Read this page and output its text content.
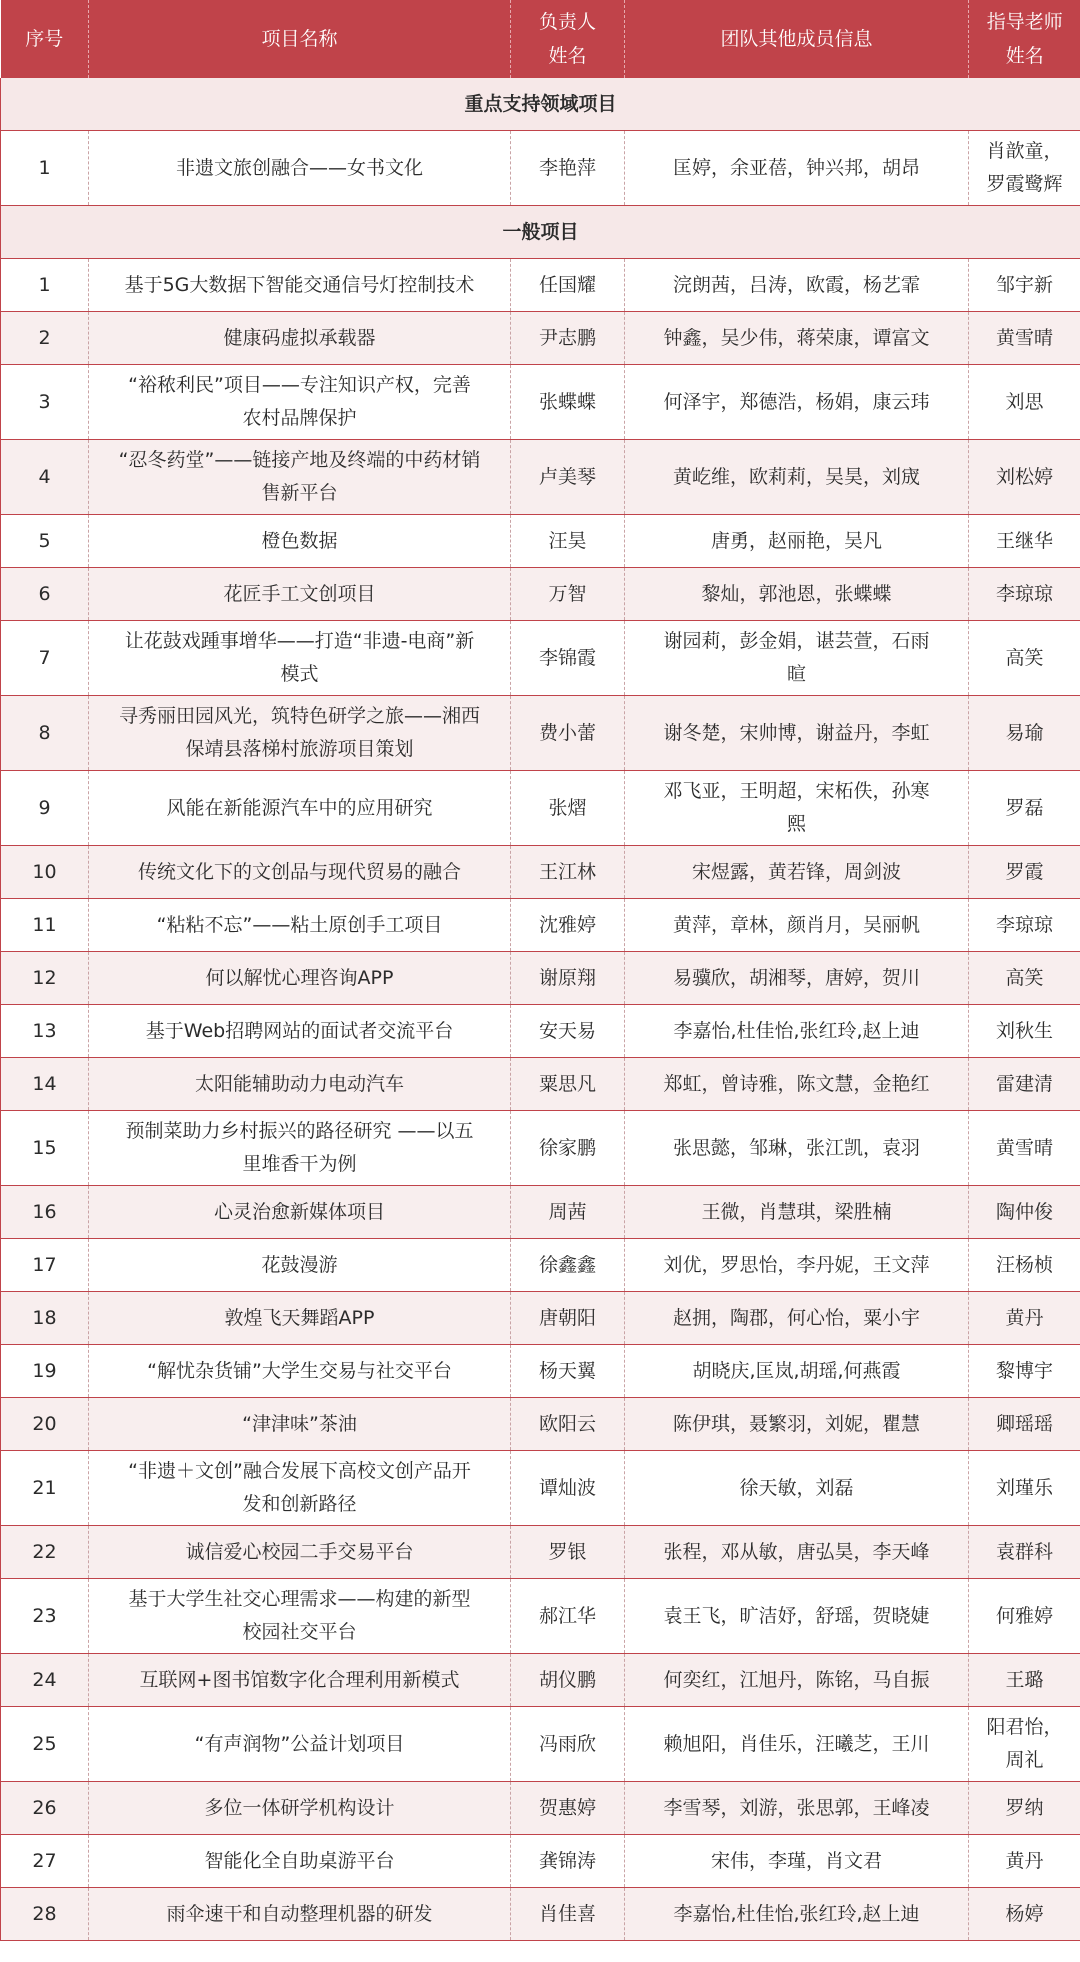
序号	项目名称	负责人
姓名	团队其他成员信息	指导老师
姓名
重点支持领域项目				
1	非遗文旅创融合——女书文化	李艳萍	匡婷，余亚蓓，钟兴邦，胡昂	肖歆童，
罗霞鹭辉
一般项目				
1	基于5G大数据下智能交通信号灯控制技术	任国耀	浣朗茜，吕涛，欧霞，杨艺霏	邹宇新
2	健康码虚拟承载器	尹志鹏	钟鑫，吴少伟，蒋荣康，谭富文	黄雪晴
3	“裕秾利民”项目——专注知识产权，完善
农村品牌保护	张蝶蝶	何泽宇，郑德浩，杨娟，康云玮	刘思
4	“忍冬药堂”——链接产地及终端的中药材销
售新平台	卢美琴	黄屹维，欧莉莉，吴昊，刘宬	刘松婷
5	橙色数据	汪昊	唐勇，赵丽艳，吴凡	王继华
6	花匠手工文创项目	万智	黎灿，郭池恩，张蝶蝶	李琼琼
7	让花鼓戏踵事增华——打造“非遗-电商”新
模式	李锦霞	谢园莉，彭金娟，谌芸萱，石雨
暄	高笑
8	寻秀丽田园风光，筑特色研学之旅——湘西
保靖县落梯村旅游项目策划	费小蕾	谢冬楚，宋帅博，谢益丹，李虹	易瑜
9	风能在新能源汽车中的应用研究	张熠	邓飞亚，王明超，宋柘佚，孙寒
熙	罗磊
10	传统文化下的文创品与现代贸易的融合	王江林	宋煜露，黄若锋，周剑波	罗霞
11	“粘粘不忘”——粘土原创手工项目	沈雅婷	黄萍，章林，颜肖月，吴丽帆	李琼琼
12	何以解忧心理咨询APP	谢原翔	易骥欣，胡湘琴，唐婷，贺川	高笑
13	基于Web招聘网站的面试者交流平台	安天易	李嘉怡,杜佳怡,张红玲,赵上迪	刘秋生
14	太阳能辅助动力电动汽车	粟思凡	郑虹，曾诗雅，陈文慧，金艳红	雷建清
15	预制菜助力乡村振兴的路径研究 ——以五
里堆香干为例	徐家鹏	张思懿，邹琳，张江凯，袁羽	黄雪晴
16	心灵治愈新媒体项目	周茜	王微，肖慧琪，梁胜楠	陶仲俊
17	花鼓漫游	徐鑫鑫	刘优，罗思怡，李丹妮，王文萍	汪杨桢
18	敦煌飞天舞蹈APP	唐朝阳	赵拥，陶郡，何心怡，粟小宇	黄丹
19	“解忧杂货铺”大学生交易与社交平台	杨天翼	胡晓庆,匡岚,胡瑶,何燕霞	黎博宇
20	“津津味”茶油	欧阳云	陈伊琪，聂繁羽，刘妮，瞿慧	卿瑶瑶
21	“非遗＋文创”融合发展下高校文创产品开
发和创新路径	谭灿波	徐天敏，刘磊	刘瑾乐
22	诚信爱心校园二手交易平台	罗银	张程，邓从敏，唐弘昊，李天峰	袁群科
23	基于大学生社交心理需求——构建的新型
校园社交平台	郝江华	袁王飞，旷洁妤，舒瑶，贺晓婕	何雅婷
24	互联网+图书馆数字化合理利用新模式	胡仪鹏	何奕红，江旭丹，陈铭，马自振	王璐
25	“有声润物”公益计划项目	冯雨欣	赖旭阳，肖佳乐，汪曦芝，王川	阳君怡，
周礼
26	多位一体研学机构设计	贺惠婷	李雪琴，刘游，张思郭，王峰凌	罗纳
27	智能化全自助桌游平台	龚锦涛	宋伟，李瑾，肖文君	黄丹
28	雨伞速干和自动整理机器的研发	肖佳喜	李嘉怡,杜佳怡,张红玲,赵上迪	杨婷
